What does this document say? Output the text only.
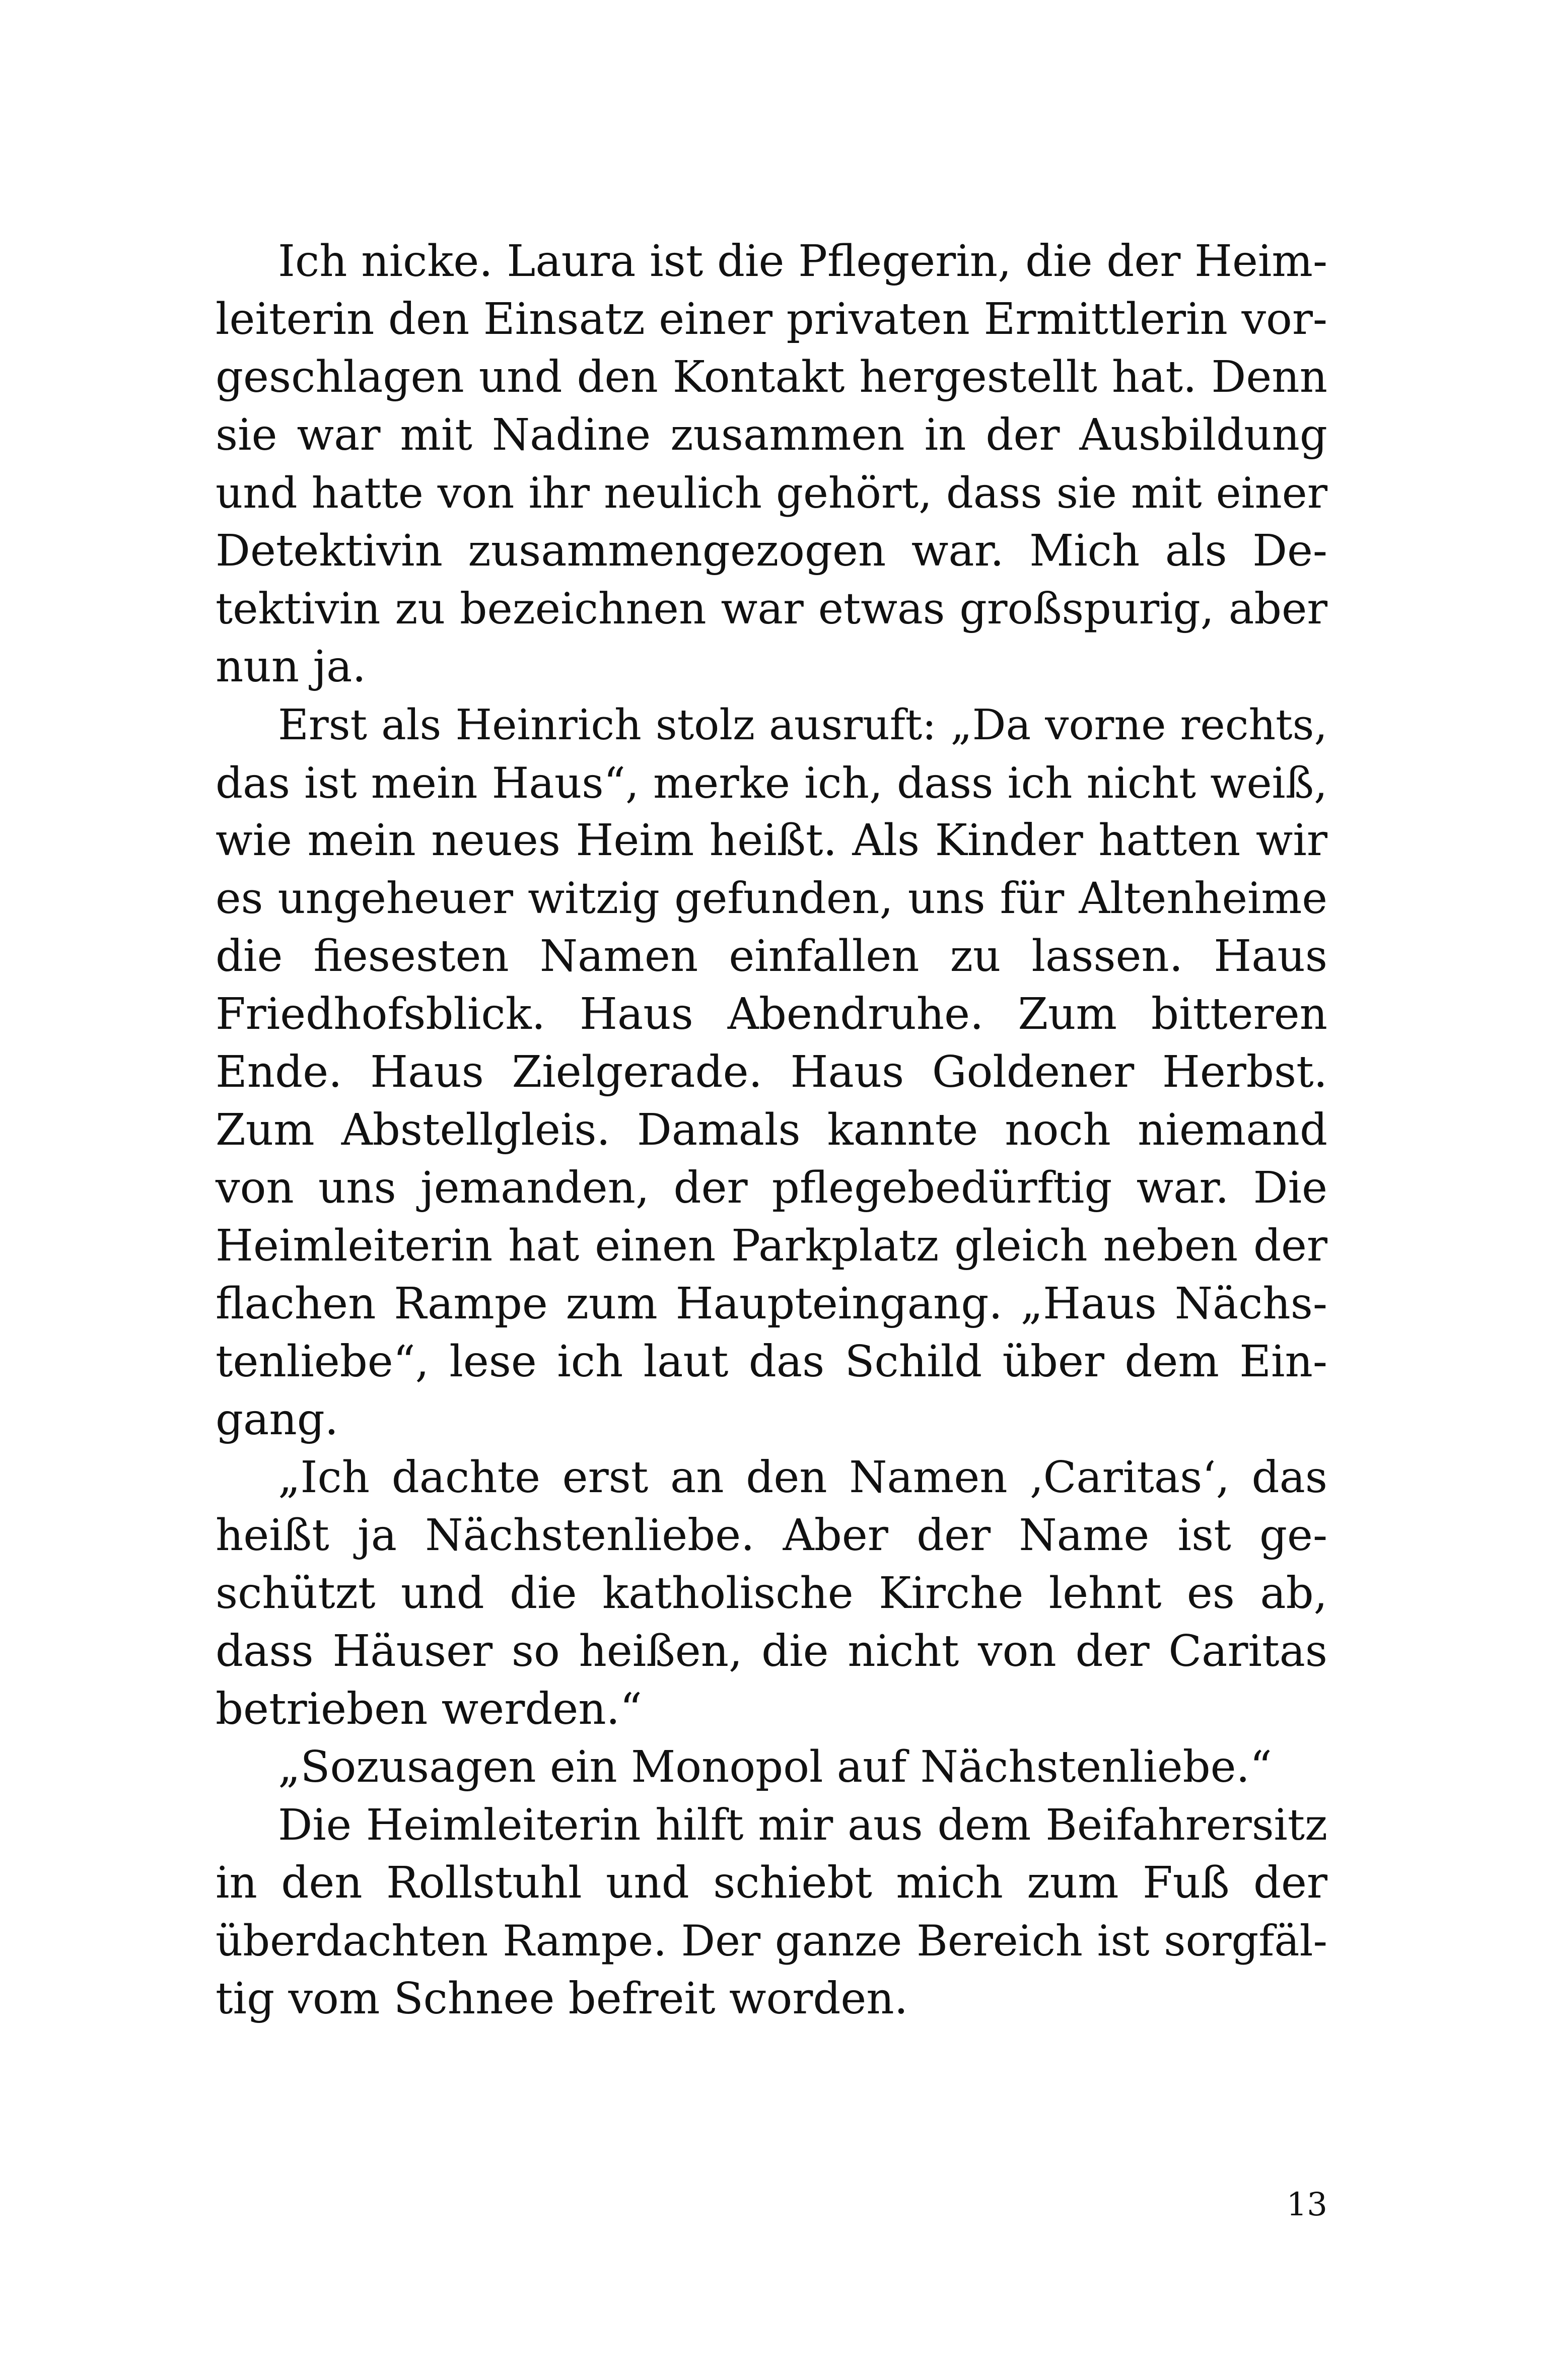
Ich nicke. Laura ist die Pflegerin, die der Heim-
leiterin den Einsatz einer privaten Ermittlerin vor-
geschlagen und den Kontakt hergestellt hat. Denn
sie war mit Nadine zusammen in der Ausbildung
und hatte von ihr neulich gehört, dass sie mit einer
Detektivin zusammengezogen war. Mich als De-
tektivin zu bezeichnen war etwas großspurig, aber
nun ja.
Erst als Heinrich stolz ausruft: „Da vorne rechts,
das ist mein Haus“, merke ich, dass ich nicht weiß,
wie mein neues Heim heißt. Als Kinder hatten wir
es ungeheuer witzig gefunden, uns für Altenheime
die fiesesten Namen einfallen zu lassen. Haus
Friedhofsblick. Haus Abendruhe. Zum bitteren
Ende. Haus Zielgerade. Haus Goldener Herbst.
Zum Abstellgleis. Damals kannte noch niemand
von uns jemanden, der pflegebedürftig war. Die
Heimleiterin hat einen Parkplatz gleich neben der
flachen Rampe zum Haupteingang. „Haus Nächs-
tenliebe“, lese ich laut das Schild über dem Ein-
gang.
„Ich dachte erst an den Namen ‚Caritas‘, das
heißt ja Nächstenliebe. Aber der Name ist ge-
schützt und die katholische Kirche lehnt es ab,
dass Häuser so heißen, die nicht von der Caritas
betrieben werden.“
„Sozusagen ein Monopol auf Nächstenliebe.“
Die Heimleiterin hilft mir aus dem Beifahrersitz
in den Rollstuhl und schiebt mich zum Fuß der
überdachten Rampe. Der ganze Bereich ist sorgfäl-
tig vom Schnee befreit worden.
13
